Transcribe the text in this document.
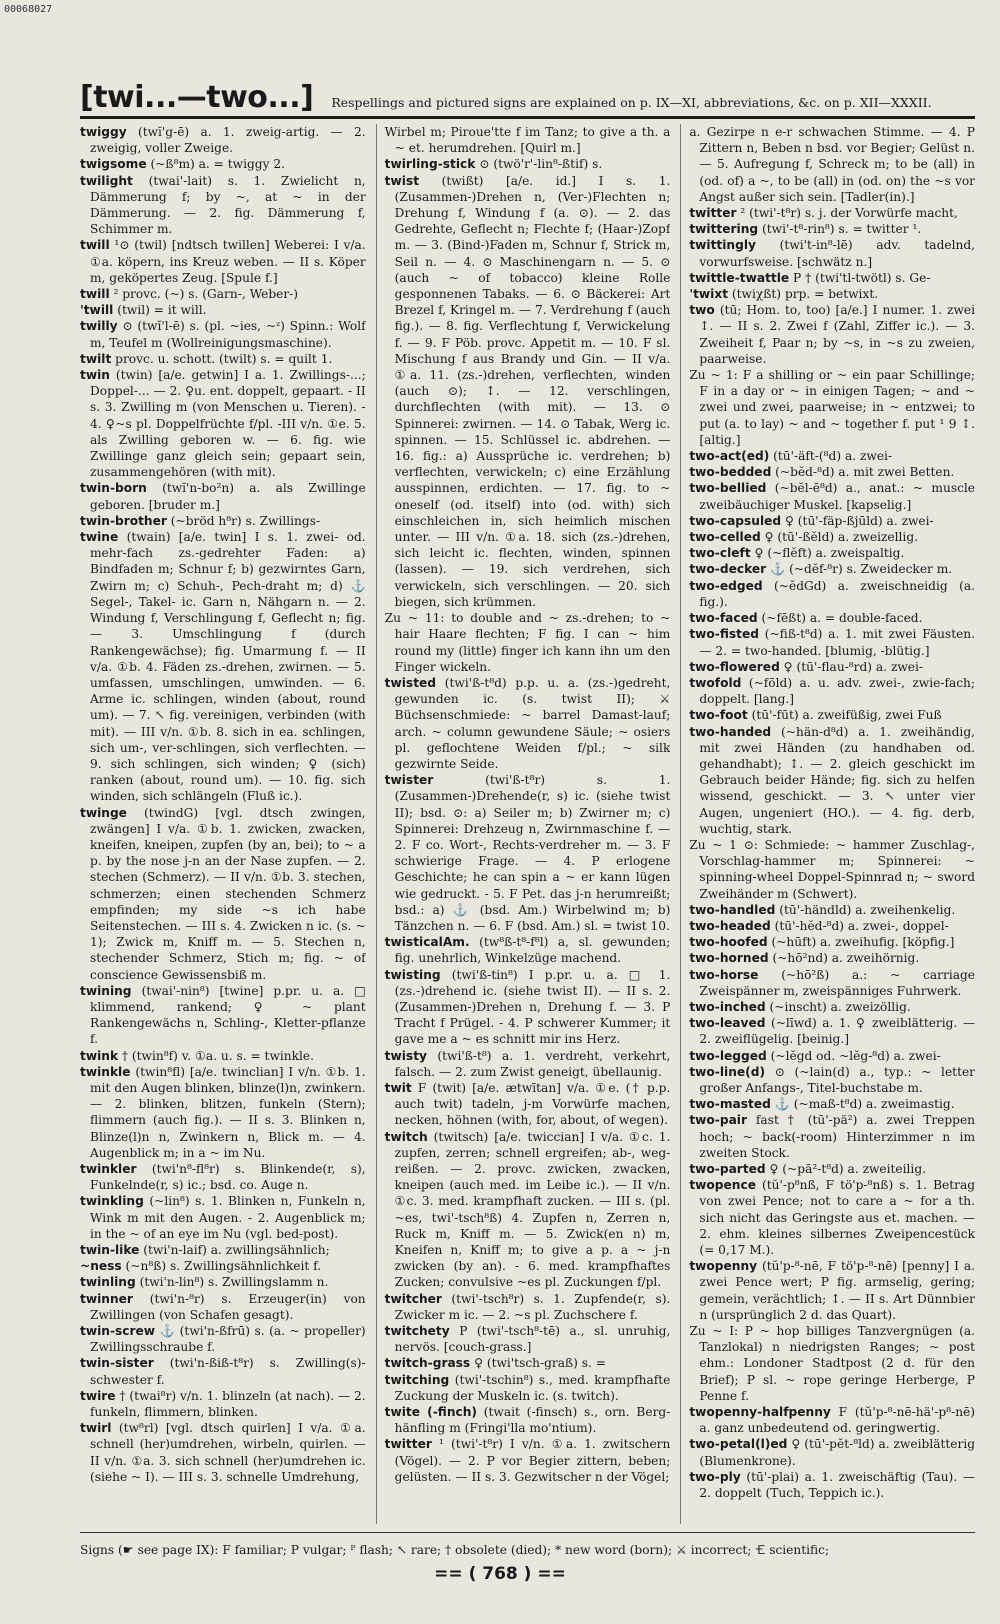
00068027
[twi...—two...] Respellings and pictured signs are explained on p. IX—XI, abbreviations, &c. on p. XII—XXXII.
twiggy (twĭ'g-ē) a. 1. zweig-artig. — 2. zweigig, voller Zweige.
twigsome (~ß⁸m) a. = twiggy 2.
twilight (twai'-lait) s. 1. Zwielicht n, Dämmerung f; by ~, at ~ in der Dämmerung. — 2. fig. Dämmerung f, Schimmer m.
twill ¹⊙ (twil) [ndtsch twillen] Weberei: I v/a. ①a. köpern, ins Kreuz weben. — II s. Köper m, geköpertes Zeug. [Spule f.]
twill ² provc. (~) s. (Garn-, Weber-)
'twill (twil) = it will.
twilly ⊙ (twĭ'l-ē) s. (pl. ~ies, ~ᶻ) Spinn.: Wolf m, Teufel m (Wollreinigungsmaschine).
twilt provc. u. schott. (twilt) s. = quilt 1.
twin (twin) [a/e. getwin] I a. 1. Zwillings-...; Doppel-... — 2. ♀u. ent. doppelt, gepaart. - II s. 3. Zwilling m (von Menschen u. Tieren). - 4. ♀~s pl. Doppelfrüchte f/pl. -III v/n. ①e. 5. als Zwilling geboren w. — 6. fig. wie Zwillinge ganz gleich sein; gepaart sein, zusammengehören (with mit).
twin-born (twĭ'n-bo²n) a. als Zwillinge geboren. [bruder m.]
twin-brother (~bröd h⁸r) s. Zwillings-
twine (twain) [a/e. twin] I s. 1. zwei- od. mehr-fach zs.-gedrehter Faden: a) Bindfaden m; Schnur f; b) gezwirntes Garn, Zwirn m; c) Schuh-, Pech-draht m; d) ⚓ Segel-, Takel- ic. Garn n, Nähgarn n. — 2. Windung f, Verschlingung f, Geflecht n; fig. — 3. Umschlingung f (durch Rankengewächse); fig. Umarmung f. — II v/a. ①b. 4. Fäden zs.-drehen, zwirnen. — 5. umfassen, umschlingen, umwinden. — 6. Arme ic. schlingen, winden (about, round um). — 7. ↖ fig. vereinigen, verbinden (with mit). — III v/n. ①b. 8. sich in ea. schlingen, sich um-, ver-schlingen, sich verflechten. — 9. sich schlingen, sich winden; ♀ (sich) ranken (about, round um). — 10. fig. sich winden, sich schlängeln (Fluß ic.).
twinge (twindG) [vgl. dtsch zwingen, zwängen] I v/a. ①b. 1. zwicken, zwacken, kneifen, kneipen, zupfen (by an, bei); to ~ a p. by the nose j-n an der Nase zupfen. — 2. stechen (Schmerz). — II v/n. ①b. 3. stechen, schmerzen; einen stechenden Schmerz empfinden; my side ~s ich habe Seitenstechen. — III s. 4. Zwicken n ic. (s. ~ 1); Zwick m, Kniff m. — 5. Stechen n, stechender Schmerz, Stich m; fig. ~ of conscience Gewissensbiß m.
twining (twai'-nin⁸) [twine] p.pr. u. a. □ klimmend, rankend; ♀ ~ plant Rankengewächs n, Schling-, Kletter-pflanze f.
twink † (twin⁸f) v. ①a. u. s. = twinkle.
twinkle (twin⁸fl) [a/e. twinclian] I v/n. ①b. 1. mit den Augen blinken, blinze(l)n, zwinkern. — 2. blinken, blitzen, funkeln (Stern); flimmern (auch fig.). — II s. 3. Blinken n, Blinze(l)n n, Zwinkern n, Blick m. — 4. Augenblick m; in a ~ im Nu.
twinkler (twi'n⁸-fl⁸r) s. Blinkende(r, s), Funkelnde(r, s) ic.; bsd. co. Auge n.
twinkling (~lin⁸) s. 1. Blinken n, Funkeln n, Wink m mit den Augen. - 2. Augenblick m; in the ~ of an eye im Nu (vgl. bed-post).
twin-like (twi'n-laif) a. zwillingsähnlich;
~ness (~n⁸ß) s. Zwillingsähnlichkeit f.
twinling (twi'n-lin⁸) s. Zwillingslamm n.
twinner (twi'n-⁸r) s. Erzeuger(in) von Zwillingen (von Schafen gesagt).
twin-screw ⚓ (twi'n-ßfrū) s. (a. ~ propeller) Zwillingsschraube f.
twin-sister (twi'n-ßiß-t⁸r) s. Zwilling(s)-schwester f.
twire † (twai⁸r) v/n. 1. blinzeln (at nach). — 2. funkeln, flimmern, blinken.
twirl (tw⁸rl) [vgl. dtsch quirlen] I v/a. ①a. schnell (her)umdrehen, wirbeln, quirlen. — II v/n. ①a. 3. sich schnell (her)umdrehen ic. (siehe ~ I). — III s. 3. schnelle Umdrehung,
Wirbel m; Piroue'tte f im Tanz; to give a th. a ~ et. herumdrehen. [Quirl m.]
twirling-stick ⊙ (twö'r'-lin⁸-ßtif) s.
twist (twißt) [a/e. id.] I s. 1. (Zusammen-)Drehen n, (Ver-)Flechten n; Drehung f, Windung f (a. ⊙). — 2. das Gedrehte, Geflecht n; Flechte f; (Haar-)Zopf m. — 3. (Bind-)Faden m, Schnur f, Strick m, Seil n. — 4. ⊙ Maschinengarn n. — 5. ⊙ (auch ~ of tobacco) kleine Rolle gesponnenen Tabaks. — 6. ⊙ Bäckerei: Art Brezel f, Kringel m. — 7. Verdrehung f (auch fig.). — 8. fig. Verflechtung f, Verwickelung f. — 9. F Pöb. provc. Appetit m. — 10. F sl. Mischung f aus Brandy und Gin. — II v/a. ①a. 11. (zs.-)drehen, verflechten, winden (auch ⊙); ↕. — 12. verschlingen, durchflechten (with mit). — 13. ⊙ Spinnerei: zwirnen. — 14. ⊙ Tabak, Werg ic. spinnen. — 15. Schlüssel ic. abdrehen. — 16. fig.: a) Aussprüche ic. verdrehen; b) verflechten, verwickeln; c) eine Erzählung ausspinnen, erdichten. — 17. fig. to ~ oneself (od. itself) into (od. with) sich einschleichen in, sich heimlich mischen unter. — III v/n. ①a. 18. sich (zs.-)drehen, sich leicht ic. flechten, winden, spinnen (lassen). — 19. sich verdrehen, sich verwickeln, sich verschlingen. — 20. sich biegen, sich krümmen.
Zu ~ 11: to double and ~ zs.-drehen; to ~ hair Haare flechten; F fig. I can ~ him round my (little) finger ich kann ihn um den Finger wickeln.
twisted (twi'ß-t⁸d) p.p. u. a. (zs.-)gedreht, gewunden ic. (s. twist II); ⚔ Büchsenschmiede: ~ barrel Damast-lauf; arch. ~ column gewundene Säule; ~ osiers pl. geflochtene Weiden f/pl.; ~ silk gezwirnte Seide.
twister	(twi'ß-t⁸r) s. 1. (Zusammen-)Drehende(r, s) ic. (siehe twist II); bsd. ⊙: a) Seiler m; b) Zwirner m; c) Spinnerei: Drehzeug n, Zwirnmaschine f. — 2. F co. Wort-, Rechts-verdreher m. — 3. F schwierige Frage. — 4. P erlogene Geschichte; he can spin a ~ er kann lügen wie gedruckt. - 5. F Pet. das j-n herumreißt; bsd.: a) ⚓ (bsd. Am.) Wirbelwind m; b) Tänzchen n. — 6. F (bsd. Am.) sl. = twist 10.
twisticalAm. (tw⁸ß-t⁸-f⁸l) a, sl. gewunden; fig. unehrlich, Winkelzüge machend.
twisting (twi'ß-tin⁸) I p.pr. u. a. □ 1. (zs.-)drehend ic. (siehe twist II). — II s. 2. (Zusammen-)Drehen n, Drehung f. — 3. P Tracht f Prügel. - 4. P schwerer Kummer; it gave me a ~ es schnitt mir ins Herz.
twisty (twi'ß-t⁸) a. 1. verdreht, verkehrt, falsch. — 2. zum Zwist geneigt, übellaunig.
twit F (twit) [a/e. ætwītan] v/a. ①e. († p.p. auch twit) tadeln, j-m Vorwürfe machen, necken, höhnen (with, for, about, of wegen).
twitch (twitsch) [a/e. twiccian] I v/a. ①c. 1. zupfen, zerren; schnell ergreifen; ab-, weg-reißen. — 2. provc. zwicken, zwacken, kneipen (auch med. im Leibe ic.). — II v/n. ①c. 3. med. krampfhaft zucken. — III s. (pl. ~es, twi'-tsch⁸ß) 4. Zupfen n, Zerren n, Ruck m, Kniff m. — 5. Zwick(en n) m, Kneifen n, Kniff m; to give a p. a ~ j-n zwicken (by an). - 6. med. krampfhaftes Zucken; convulsive ~es pl. Zuckungen f/pl.
twitcher (twi'-tsch⁸r) s. 1. Zupfende(r, s). Zwicker m ic. — 2. ~s pl. Zuchschere f.
twitchety P (twi'-tsch⁸-tē) a., sl. unruhig, nervös. [couch-grass.]
twitch-grass ♀ (twi'tsch-graß) s. =
twitching (twi'-tschin⁸) s., med. krampfhafte Zuckung der Muskeln ic. (s. twitch).
twite (-finch) (twait (-finsch) s., orn. Berg-hänfling m (Fringi'lla mo'ntium).
twitter ¹ (twi'-t⁸r) I v/n. ①a. 1. zwitschern (Vögel). — 2. P vor Begier zittern, beben; gelüsten. — II s. 3. Gezwitscher n der Vögel;
a. Gezirpe n e-r schwachen Stimme. — 4. P Zittern n, Beben n bsd. vor Begier; Gelüst n. — 5. Aufregung f, Schreck m; to be (all) in (od. of) a ~, to be (all) in (od. on) the ~s vor Angst außer sich sein. [Tadler(in).]
twitter ² (twi'-t⁸r) s. j. der Vorwürfe macht,
twittering (twi'-t⁸-rin⁸) s. = twitter ¹.
twittingly (twi't-in⁸-lē) adv. tadelnd, vorwurfsweise. [schwätz n.]
twittle-twattle P † (twi'tl-twötl) s. Ge-
'twixt (twiχßt) prp. = betwixt.
two (tū; Hom. to, too) [a/e.] I numer. 1. zwei ↕. — II s. 2. Zwei f (Zahl, Ziffer ic.). — 3. Zweiheit f, Paar n; by ~s, in ~s zu zweien, paarweise.
Zu ~ 1: F a shilling or ~ ein paar Schillinge; F in a day or ~ in einigen Tagen; ~ and ~ zwei und zwei, paarweise; in ~ entzwei; to put (a. to lay) ~ and ~ together f. put ¹ 9 ↕. [altig.]
two-act(ed) (tū'-äft-(⁸d) a. zwei-
two-bedded (~bĕd-⁸d) a. mit zwei Betten.
two-bellied (~bĕl-ē⁸d) a., anat.: ~ muscle zweibäuchiger Muskel. [kapselig.]
two-capsuled ♀ (tū'-fäp-ßjūld) a. zwei-
two-celled ♀ (tū'-ßĕld) a. zweizellig.
two-cleft ♀ (~flĕft) a. zweispaltig.
two-decker ⚓ (~dĕf-⁸r) s. Zweidecker m.
two-edged (~ĕdGd) a. zweischneidig (a. fig.).
two-faced (~fēßt) a. = double-faced.
two-fisted (~fiß-t⁸d) a. 1. mit zwei Fäusten. — 2. = two-handed. [blumig, -blütig.]
two-flowered ♀ (tū'-flau-⁸rd) a. zwei-
twofold (~fōld) a. u. adv. zwei-, zwie-fach; doppelt. [lang.]
two-foot (tū'-fūt) a. zweifüßig, zwei Fuß
two-handed (~hän-d⁸d) a. 1. zweihändig, mit zwei Händen (zu handhaben od. gehandhabt); ↕. — 2. gleich geschickt im Gebrauch beider Hände; fig. sich zu helfen wissend, geschickt. — 3. ↖ unter vier Augen, ungeniert (HO.). — 4. fig. derb, wuchtig, stark.
Zu ~ 1 ⊙: Schmiede: ~ hammer Zuschlag-, Vorschlag-hammer m; Spinnerei: ~ spinning-wheel Doppel-Spinnrad n; ~ sword Zweihänder m (Schwert).
two-handled (tū'-händld) a. zweihenkelig.
two-headed (tū'-hĕd-⁸d) a. zwei-, doppel-
two-hoofed (~hūft) a. zweihufig. [köpfig.]
two-horned (~hō²nd) a. zweihörnig.
two-horse (~hō²ß) a.: ~ carriage Zweispänner m, zweispänniges Fuhrwerk.
two-inched (~inscht) a. zweizöllig.
two-leaved (~līwd) a. 1. ♀ zweiblätterig. — 2. zweiflügelig. [beinig.]
two-legged (~lĕgd od. ~lĕg-⁸d) a. zwei-
two-line(d) ⊙ (~lain(d) a., typ.: ~ letter großer Anfangs-, Titel-buchstabe m.
two-masted ⚓ (~maß-t⁸d) a. zweimastig.
two-pair fast † (tū'-pä²) a. zwei Treppen hoch; ~ back(-room) Hinterzimmer n im zweiten Stock.
two-parted ♀ (~pā²-t⁸d) a. zweiteilig.
twopence (tŭ'-p⁸nß, F tö'p-⁸nß) s. 1. Betrag von zwei Pence; not to care a ~ for a th. sich nicht das Geringste aus et. machen. — 2. ehm. kleines silbernes Zweipencestück (= 0,17 M.).
twopenny (tŭ'p-⁸-nē, F tö'p-⁸-nē) [penny] I a. zwei Pence wert; P fig. armselig, gering; gemein, verächtlich; ↕. — II s. Art Dünnbier n (ursprünglich 2 d. das Quart).
Zu ~ I: P ~ hop billiges Tanzvergnügen (a. Tanzlokal) n niedrigsten Ranges; ~ post ehm.: Londoner Stadtpost (2 d. für den Brief); P sl. ~ rope geringe Herberge, P Penne f.
twopenny-halfpenny F (tŭ'p-⁸-nē-hä'-p⁸-nē) a. ganz unbedeutend od. geringwertig.
two-petal(l)ed ♀ (tū'-pĕt-⁸ld) a. zweiblätterig (Blumenkrone).
two-ply (tū'-plai) a. 1. zweischäftig (Tau). — 2. doppelt (Tuch, Teppich ic.).
Signs (☛ see page IX): F familiar; P vulgar; ᴾ flash; ↖ rare; † obsolete (died); * new word (born); ⚔ incorrect; 🝗 scientific;
== ( 768 ) ==
